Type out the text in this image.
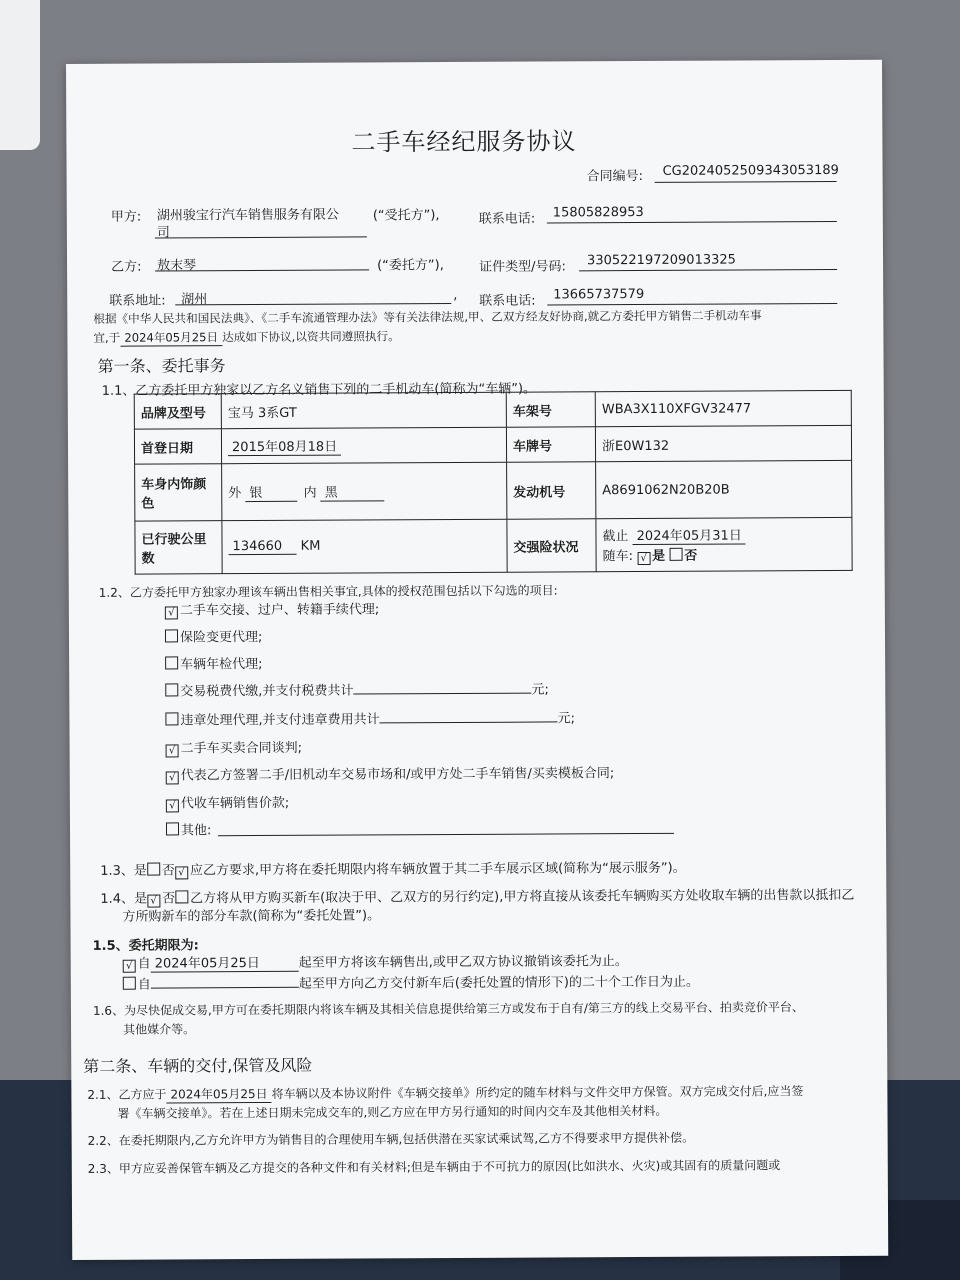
二手车经纪服务协议
合同编号: CG2024052509343053189
甲方: 湖州骏宝行汽车销售服务有限公
司
(“受托方”),	联系电话: 15805828953
乙方: 敖末琴	(“委托方”),	证件类型/号码: 330522197209013325
联系地址: 湖州	, 联系电话: 13665737579
根据《中华人民共和国民法典》、《二手车流通管理办法》等有关法律法规,甲、乙双方经友好协商,就乙方委托甲方销售二手机动车事
宜,于 2024年05月25日 达成如下协议,以资共同遵照执行。
第一条、委托事务
1.1、乙方委托甲方独家以乙方名义销售下列的二手机动车(简称为“车辆”)。
品牌及型号	宝马 3系GT	车架号	WBA3X110XFGV32477
首登日期	2015年08月18日	车牌号	浙E0W132
车身内饰颜
色	外 银 内 黑	发动机号	A8691062N20B20B
已行驶公里
数	134660 KM	交强险状况	截止 2024年05月31日
随车: √ 是 否
1.2、乙方委托甲方独家办理该车辆出售相关事宜,具体的授权范围包括以下勾选的项目:
√ 二手车交接、过户、转籍手续代理;
保险变更代理;
车辆年检代理;
交易税费代缴,并支付税费共计	元;
违章处理代理,并支付违章费用共计	元;
√ 二手车买卖合同谈判;
√ 代表乙方签署二手/旧机动车交易市场和/或甲方处二手车销售/买卖模板合同;
√ 代收车辆销售价款;
其他:
1.3、是 否 √ 应乙方要求,甲方将在委托期限内将车辆放置于其二手车展示区域(简称为“展示服务”)。
1.4、是 √ 否 乙方将从甲方购买新车(取决于甲、乙双方的另行约定),甲方将直接从该委托车辆购买方处收取车辆的出售款以抵扣乙
方所购新车的部分车款(简称为“委托处置”)。
1.5、委托期限为:
√ 自 2024年05月25日	起至甲方将该车辆售出,或甲乙双方协议撤销该委托为止。
自	起至甲方向乙方交付新车后(委托处置的情形下)的二十个工作日为止。
1.6、为尽快促成交易,甲方可在委托期限内将该车辆及其相关信息提供给第三方或发布于自有/第三方的线上交易平台、拍卖竞价平台、
其他媒介等。
第二条、车辆的交付,保管及风险
2.1、乙方应于 2024年05月25日 将车辆以及本协议附件《车辆交接单》所约定的随车材料与文件交甲方保管。双方完成交付后,应当签
署《车辆交接单》。若在上述日期未完成交车的,则乙方应在甲方另行通知的时间内交车及其他相关材料。
2.2、在委托期限内,乙方允许甲方为销售目的合理使用车辆,包括供潜在买家试乘试驾,乙方不得要求甲方提供补偿。
2.3、甲方应妥善保管车辆及乙方提交的各种文件和有关材料;但是车辆由于不可抗力的原因(比如洪水、火灾)或其固有的质量问题或
